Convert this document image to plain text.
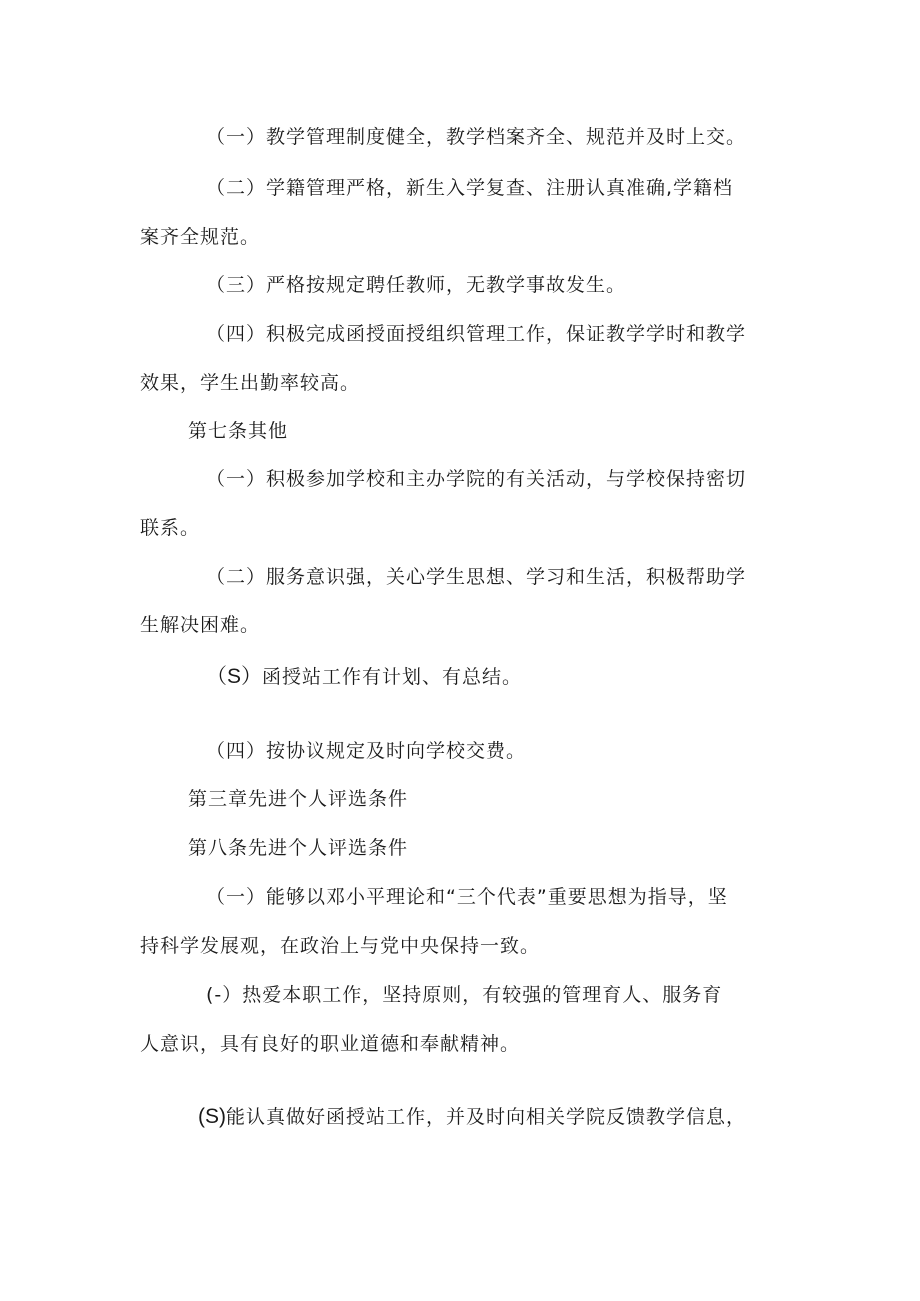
（一）教学管理制度健全，教学档案齐全、规范并及时上交。
（二）学籍管理严格，新生入学复查、注册认真准确,学籍档
案齐全规范。
（三）严格按规定聘任教师，无教学事故发生。
（四）积极完成函授面授组织管理工作，保证教学学时和教学
效果，学生出勤率较高。
第七条其他
（一）积极参加学校和主办学院的有关活动，与学校保持密切
联系。
（二）服务意识强，关心学生思想、学习和生活，积极帮助学
生解决困难。
（S）函授站工作有计划、有总结。
（四）按协议规定及时向学校交费。
第三章先进个人评选条件
第八条先进个人评选条件
（一）能够以邓小平理论和“三个代表”重要思想为指导，坚
持科学发展观，在政治上与党中央保持一致。
(-）热爱本职工作，坚持原则，有较强的管理育人、服务育
人意识，具有良好的职业道德和奉献精神。
(S)能认真做好函授站工作，并及时向相关学院反馈教学信息，
